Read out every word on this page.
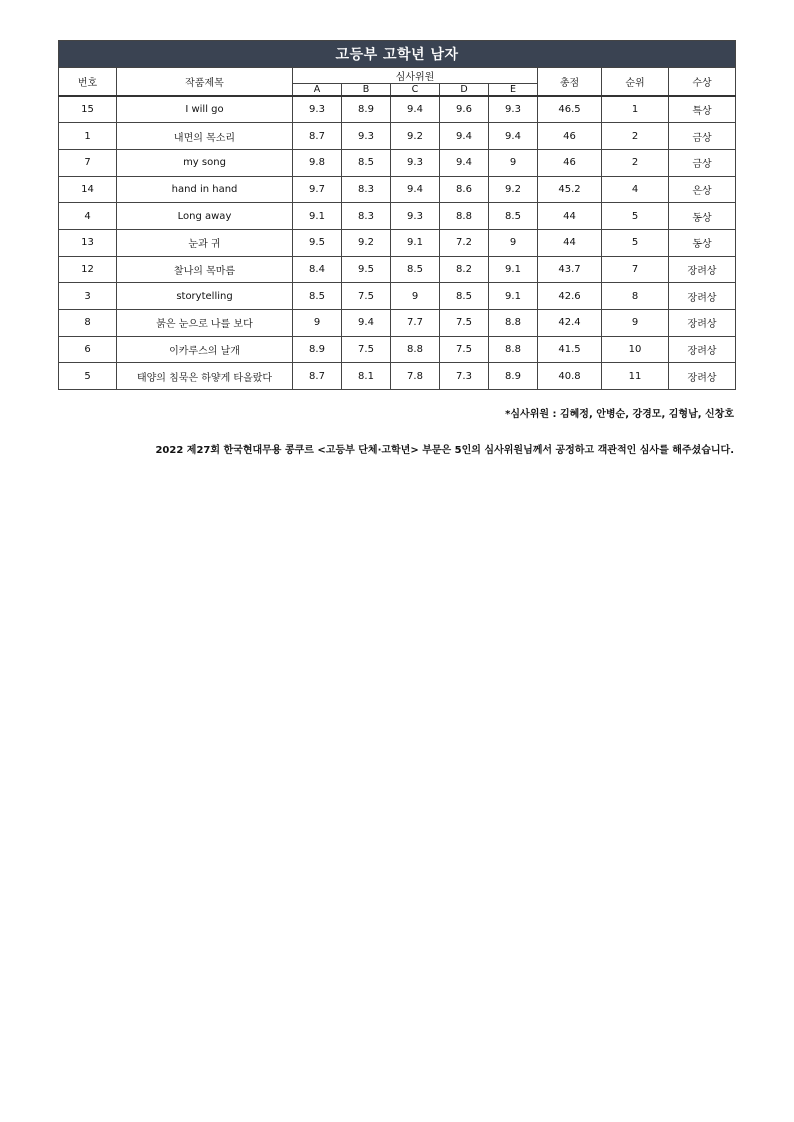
고등부 고학년 남자									
번호	작품제목	심사위원					총점	순위	수상
		A	B	C	D	E			
15	I will go	9.3	8.9	9.4	9.6	9.3	46.5	1	특상
1	내면의 목소리	8.7	9.3	9.2	9.4	9.4	46	2	금상
7	my song	9.8	8.5	9.3	9.4	9	46	2	금상
14	hand in hand	9.7	8.3	9.4	8.6	9.2	45.2	4	은상
4	Long away	9.1	8.3	9.3	8.8	8.5	44	5	동상
13	눈과 귀	9.5	9.2	9.1	7.2	9	44	5	동상
12	찰나의 목마름	8.4	9.5	8.5	8.2	9.1	43.7	7	장려상
3	storytelling	8.5	7.5	9	8.5	9.1	42.6	8	장려상
8	붉은 눈으로 나를 보다	9	9.4	7.7	7.5	8.8	42.4	9	장려상
6	이카루스의 날개	8.9	7.5	8.8	7.5	8.8	41.5	10	장려상
5	태양의 침묵은 하얗게 타올랐다	8.7	8.1	7.8	7.3	8.9	40.8	11	장려상
*심사위원 : 김혜정, 안병순, 강경모, 김형남, 신창호
2022 제27회 한국현대무용 콩쿠르 <고등부 단체·고학년> 부문은 5인의 심사위원님께서 공정하고 객관적인 심사를 해주셨습니다.
